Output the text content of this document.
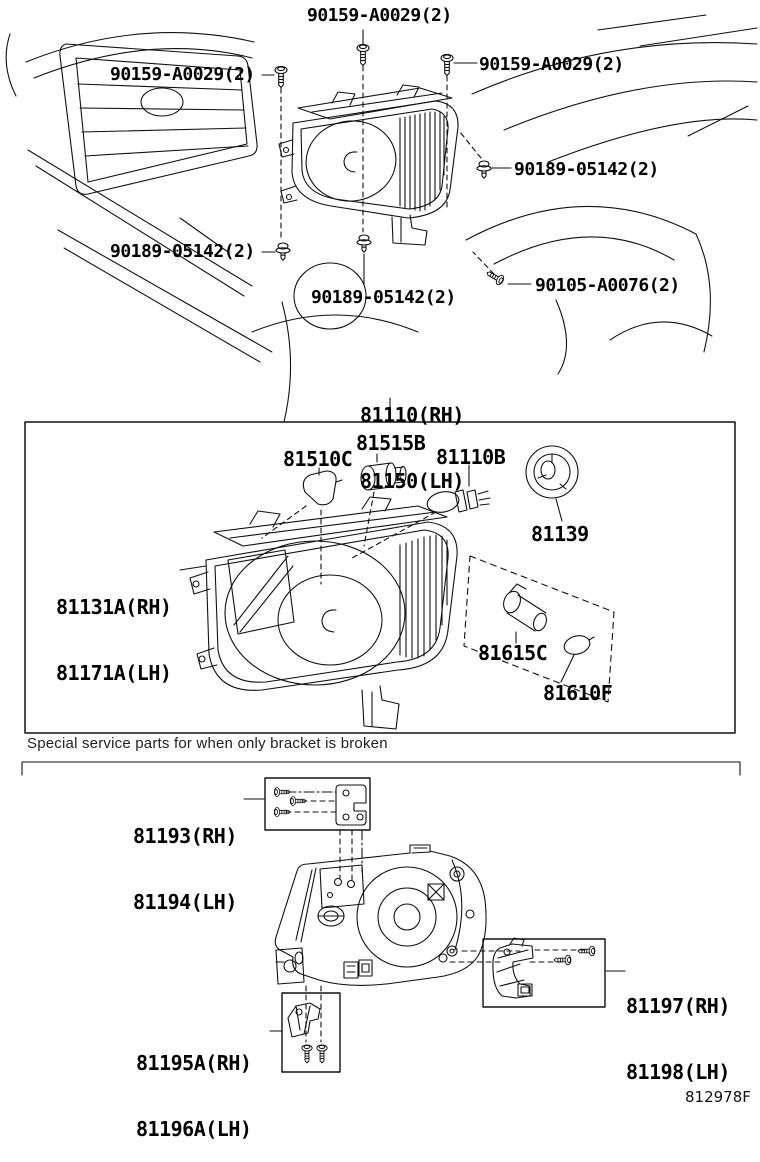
90159-A0029(2)
90159-A0029(2)	90159-A0029(2)
90189-05142(2)
90189-05142(2)
90189-05142(2)
90105-A0076(2)

81110(RH)

81150(LH)

81510C
81515B
81110B
81139

81131A(RH)

81171A(LH)

81615C
81610F
Special service parts for when only bracket is broken

81193(RH)

81194(LH)

81195A(RH)

81196A(LH)

81197(RH)

81198(LH)

812978F
